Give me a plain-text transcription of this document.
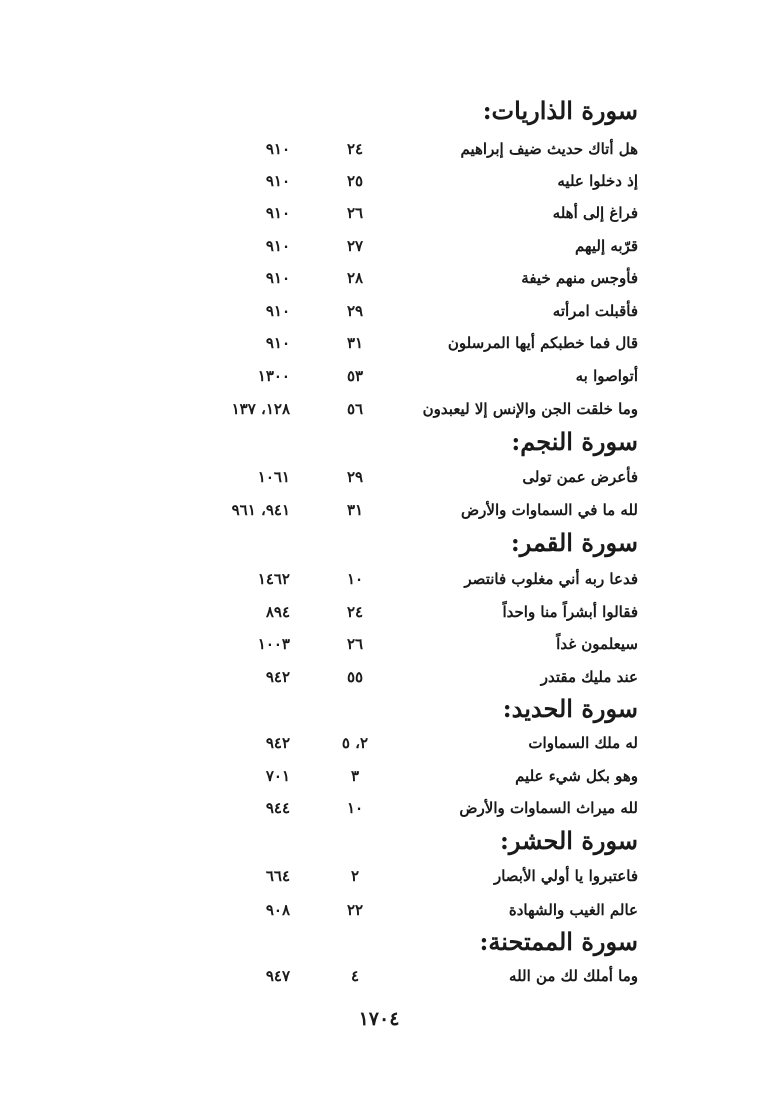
سورة الذاريات:
هل أتاك حديث ضيف إبراهيم
٢٤
٩١٠
إذ دخلوا عليه
٢٥
٩١٠
فراغ إلى أهله
٢٦
٩١٠
قرّبه إليهم
٢٧
٩١٠
فأوجس منهم خيفة
٢٨
٩١٠
فأقبلت امرأته
٢٩
٩١٠
قال فما خطبكم أيها المرسلون
٣١
٩١٠
أتواصوا به
٥٣
١٣٠٠
وما خلقت الجن والإنس إلا ليعبدون
٥٦
١٢٨، ١٣٧
سورة النجم:
فأعرض عمن تولى
٢٩
١٠٦١
لله ما في السماوات والأرض
٣١
٩٤١، ٩٦١
سورة القمر:
فدعا ربه أني مغلوب فانتصر
١٠
١٤٦٢
فقالوا أبشراً منا واحداً
٢٤
٨٩٤
سيعلمون غداً
٢٦
١٠٠٣
عند مليك مقتدر
٥٥
٩٤٢
سورة الحديد:
له ملك السماوات
٢، ٥
٩٤٢
وهو بكل شيء عليم
٣
٧٠١
لله ميراث السماوات والأرض
١٠
٩٤٤
سورة الحشر:
فاعتبروا يا أولي الأبصار
٢
٦٦٤
عالم الغيب والشهادة
٢٢
٩٠٨
سورة الممتحنة:
وما أملك لك من الله
٤
٩٤٧
١٧٠٤
